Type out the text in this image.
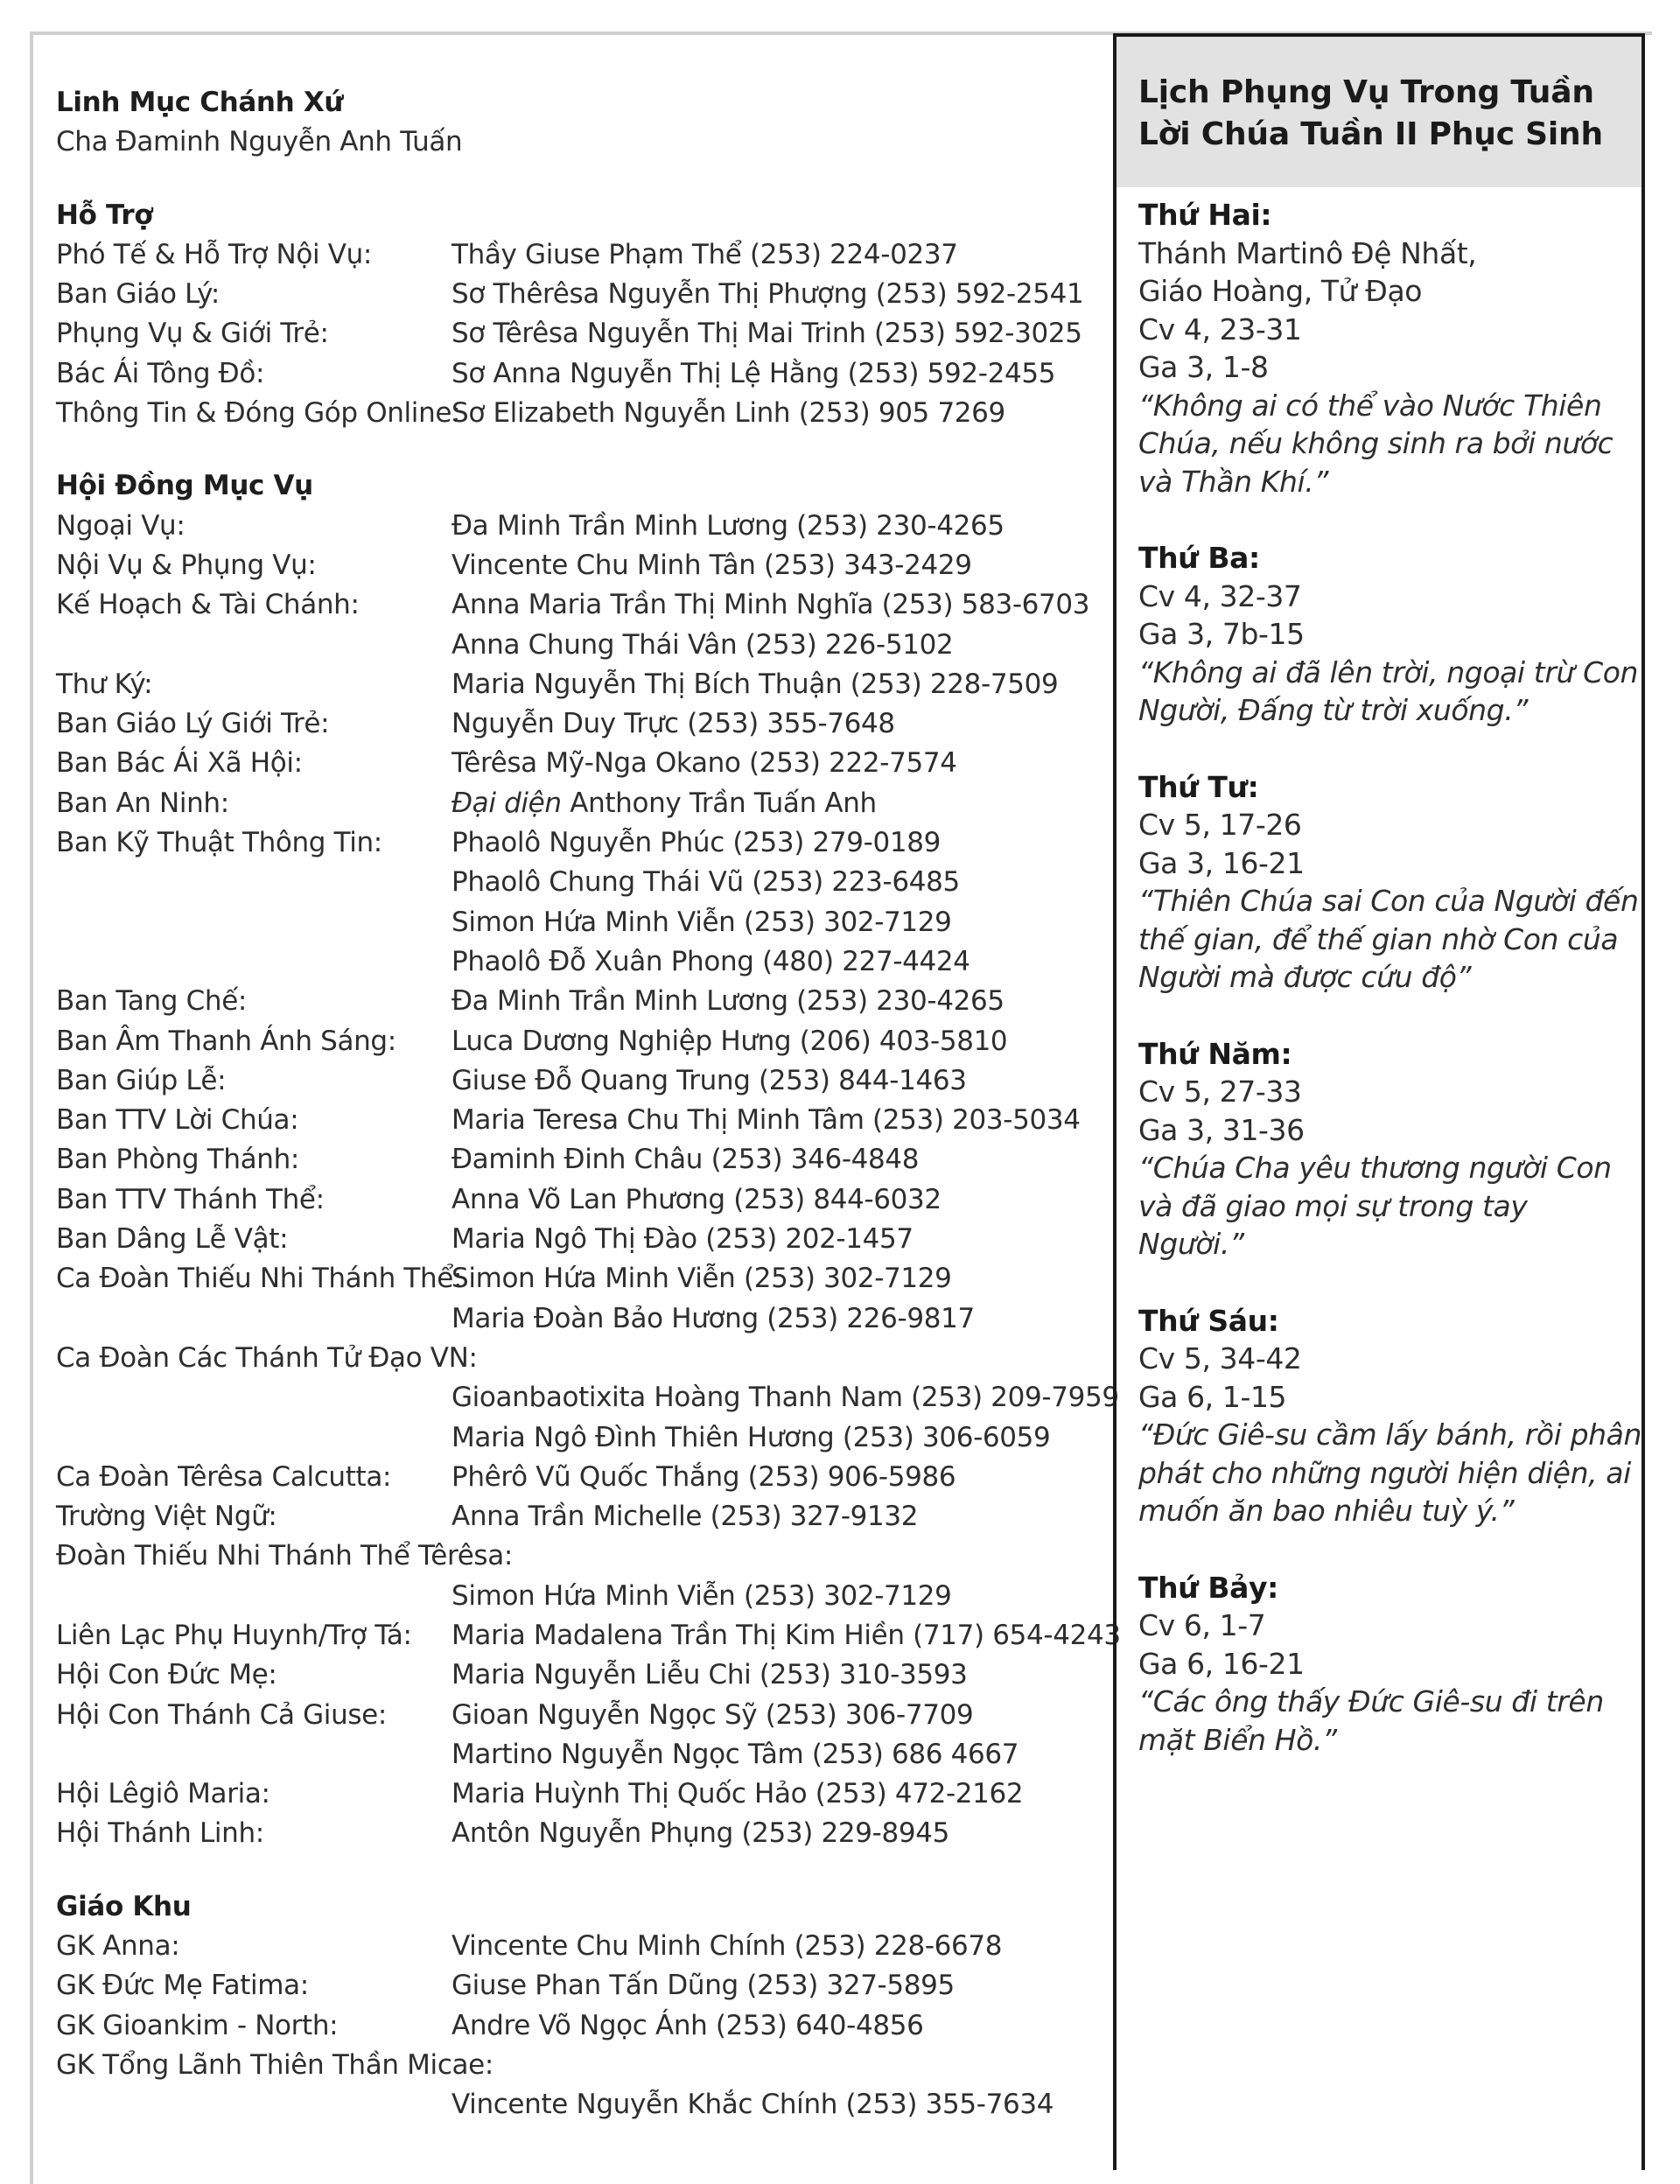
Linh Mục Chánh Xứ
Cha Đaminh Nguyễn Anh Tuấn
Hỗ Trợ
Phó Tế & Hỗ Trợ Nội Vụ:	Thầy Giuse Phạm Thể (253) 224-0237
Ban Giáo Lý:	Sơ Thêrêsa Nguyễn Thị Phượng (253) 592-2541
Phụng Vụ & Giới Trẻ:	Sơ Têrêsa Nguyễn Thị Mai Trinh (253) 592-3025
Bác Ái Tông Đồ:	Sơ Anna Nguyễn Thị Lệ Hằng (253) 592-2455
Thông Tin & Đóng Góp Online:
Sơ Elizabeth Nguyễn Linh (253) 905 7269
Hội Đồng Mục Vụ
Ngoại Vụ:	Đa Minh Trần Minh Lương (253) 230-4265
Nội Vụ & Phụng Vụ:	Vincente Chu Minh Tân (253) 343-2429
Kế Hoạch & Tài Chánh:	Anna Maria Trần Thị Minh Nghĩa (253) 583-6703
Anna Chung Thái Vân (253) 226-5102
Thư Ký:	Maria Nguyễn Thị Bích Thuận (253) 228-7509
Ban Giáo Lý Giới Trẻ:	Nguyễn Duy Trực (253) 355-7648
Ban Bác Ái Xã Hội:	Têrêsa Mỹ-Nga Okano (253) 222-7574
Ban An Ninh:	Đại diện Anthony Trần Tuấn Anh
Ban Kỹ Thuật Thông Tin:	Phaolô Nguyễn Phúc (253) 279-0189
Phaolô Chung Thái Vũ (253) 223-6485
Simon Hứa Minh Viễn (253) 302-7129
Phaolô Đỗ Xuân Phong (480) 227-4424
Ban Tang Chế:	Đa Minh Trần Minh Lương (253) 230-4265
Ban Âm Thanh Ánh Sáng:	Luca Dương Nghiệp Hưng (206) 403-5810
Ban Giúp Lễ:	Giuse Đỗ Quang Trung (253) 844-1463
Ban TTV Lời Chúa:	Maria Teresa Chu Thị Minh Tâm (253) 203-5034
Ban Phòng Thánh:	Đaminh Đinh Châu (253) 346-4848
Ban TTV Thánh Thể:	Anna Võ Lan Phương (253) 844-6032
Ban Dâng Lễ Vật:	Maria Ngô Thị Đào (253) 202-1457
Ca Đoàn Thiếu Nhi Thánh Thể:
Simon Hứa Minh Viễn (253) 302-7129
Maria Đoàn Bảo Hương (253) 226-9817
Ca Đoàn Các Thánh Tử Đạo VN:
Gioanbaotixita Hoàng Thanh Nam (253) 209-7959
Maria Ngô Đình Thiên Hương (253) 306-6059
Ca Đoàn Têrêsa Calcutta:	Phêrô Vũ Quốc Thắng (253) 906-5986
Trường Việt Ngữ:	Anna Trần Michelle (253) 327-9132
Đoàn Thiếu Nhi Thánh Thể Têrêsa:
Simon Hứa Minh Viễn (253) 302-7129
Liên Lạc Phụ Huynh/Trợ Tá:	Maria Madalena Trần Thị Kim Hiền (717) 654-4243
Hội Con Đức Mẹ:	Maria Nguyễn Liễu Chi (253) 310-3593
Hội Con Thánh Cả Giuse:	Gioan Nguyễn Ngọc Sỹ (253) 306-7709
Martino Nguyễn Ngọc Tâm (253) 686 4667
Hội Lêgiô Maria:	Maria Huỳnh Thị Quốc Hảo (253) 472-2162
Hội Thánh Linh:	Antôn Nguyễn Phụng (253) 229-8945
Giáo Khu
GK Anna:	Vincente Chu Minh Chính (253) 228-6678
GK Đức Mẹ Fatima:	Giuse Phan Tấn Dũng (253) 327-5895
GK Gioankim - North:	Andre Võ Ngọc Ánh (253) 640-4856
GK Tổng Lãnh Thiên Thần Micae:
Vincente Nguyễn Khắc Chính (253) 355-7634
Lịch Phụng Vụ Trong Tuần
Lời Chúa Tuần II Phục Sinh
Thứ Hai:
Thánh Martinô Đệ Nhất,
Giáo Hoàng, Tử Đạo
Cv 4, 23-31
Ga 3, 1-8
“Không ai có thể vào Nước Thiên Chúa, nếu không sinh ra bởi nước và Thần Khí.”
Thứ Ba:
Cv 4, 32-37
Ga 3, 7b-15
“Không ai đã lên trời, ngoại trừ Con Người, Đấng từ trời xuống.”
Thứ Tư:
Cv 5, 17-26
Ga 3, 16-21
“Thiên Chúa sai Con của Người đến thế gian, để thế gian nhờ Con của Người mà được cứu độ”
Thứ Năm:
Cv 5, 27-33
Ga 3, 31-36
“Chúa Cha yêu thương người Con và đã giao mọi sự trong tay Người.”
Thứ Sáu:
Cv 5, 34-42
Ga 6, 1-15
“Đức Giê-su cầm lấy bánh, rồi phân phát cho những người hiện diện, ai muốn ăn bao nhiêu tuỳ ý.”
Thứ Bảy:
Cv 6, 1-7
Ga 6, 16-21
“Các ông thấy Đức Giê-su đi trên mặt Biển Hồ.”
